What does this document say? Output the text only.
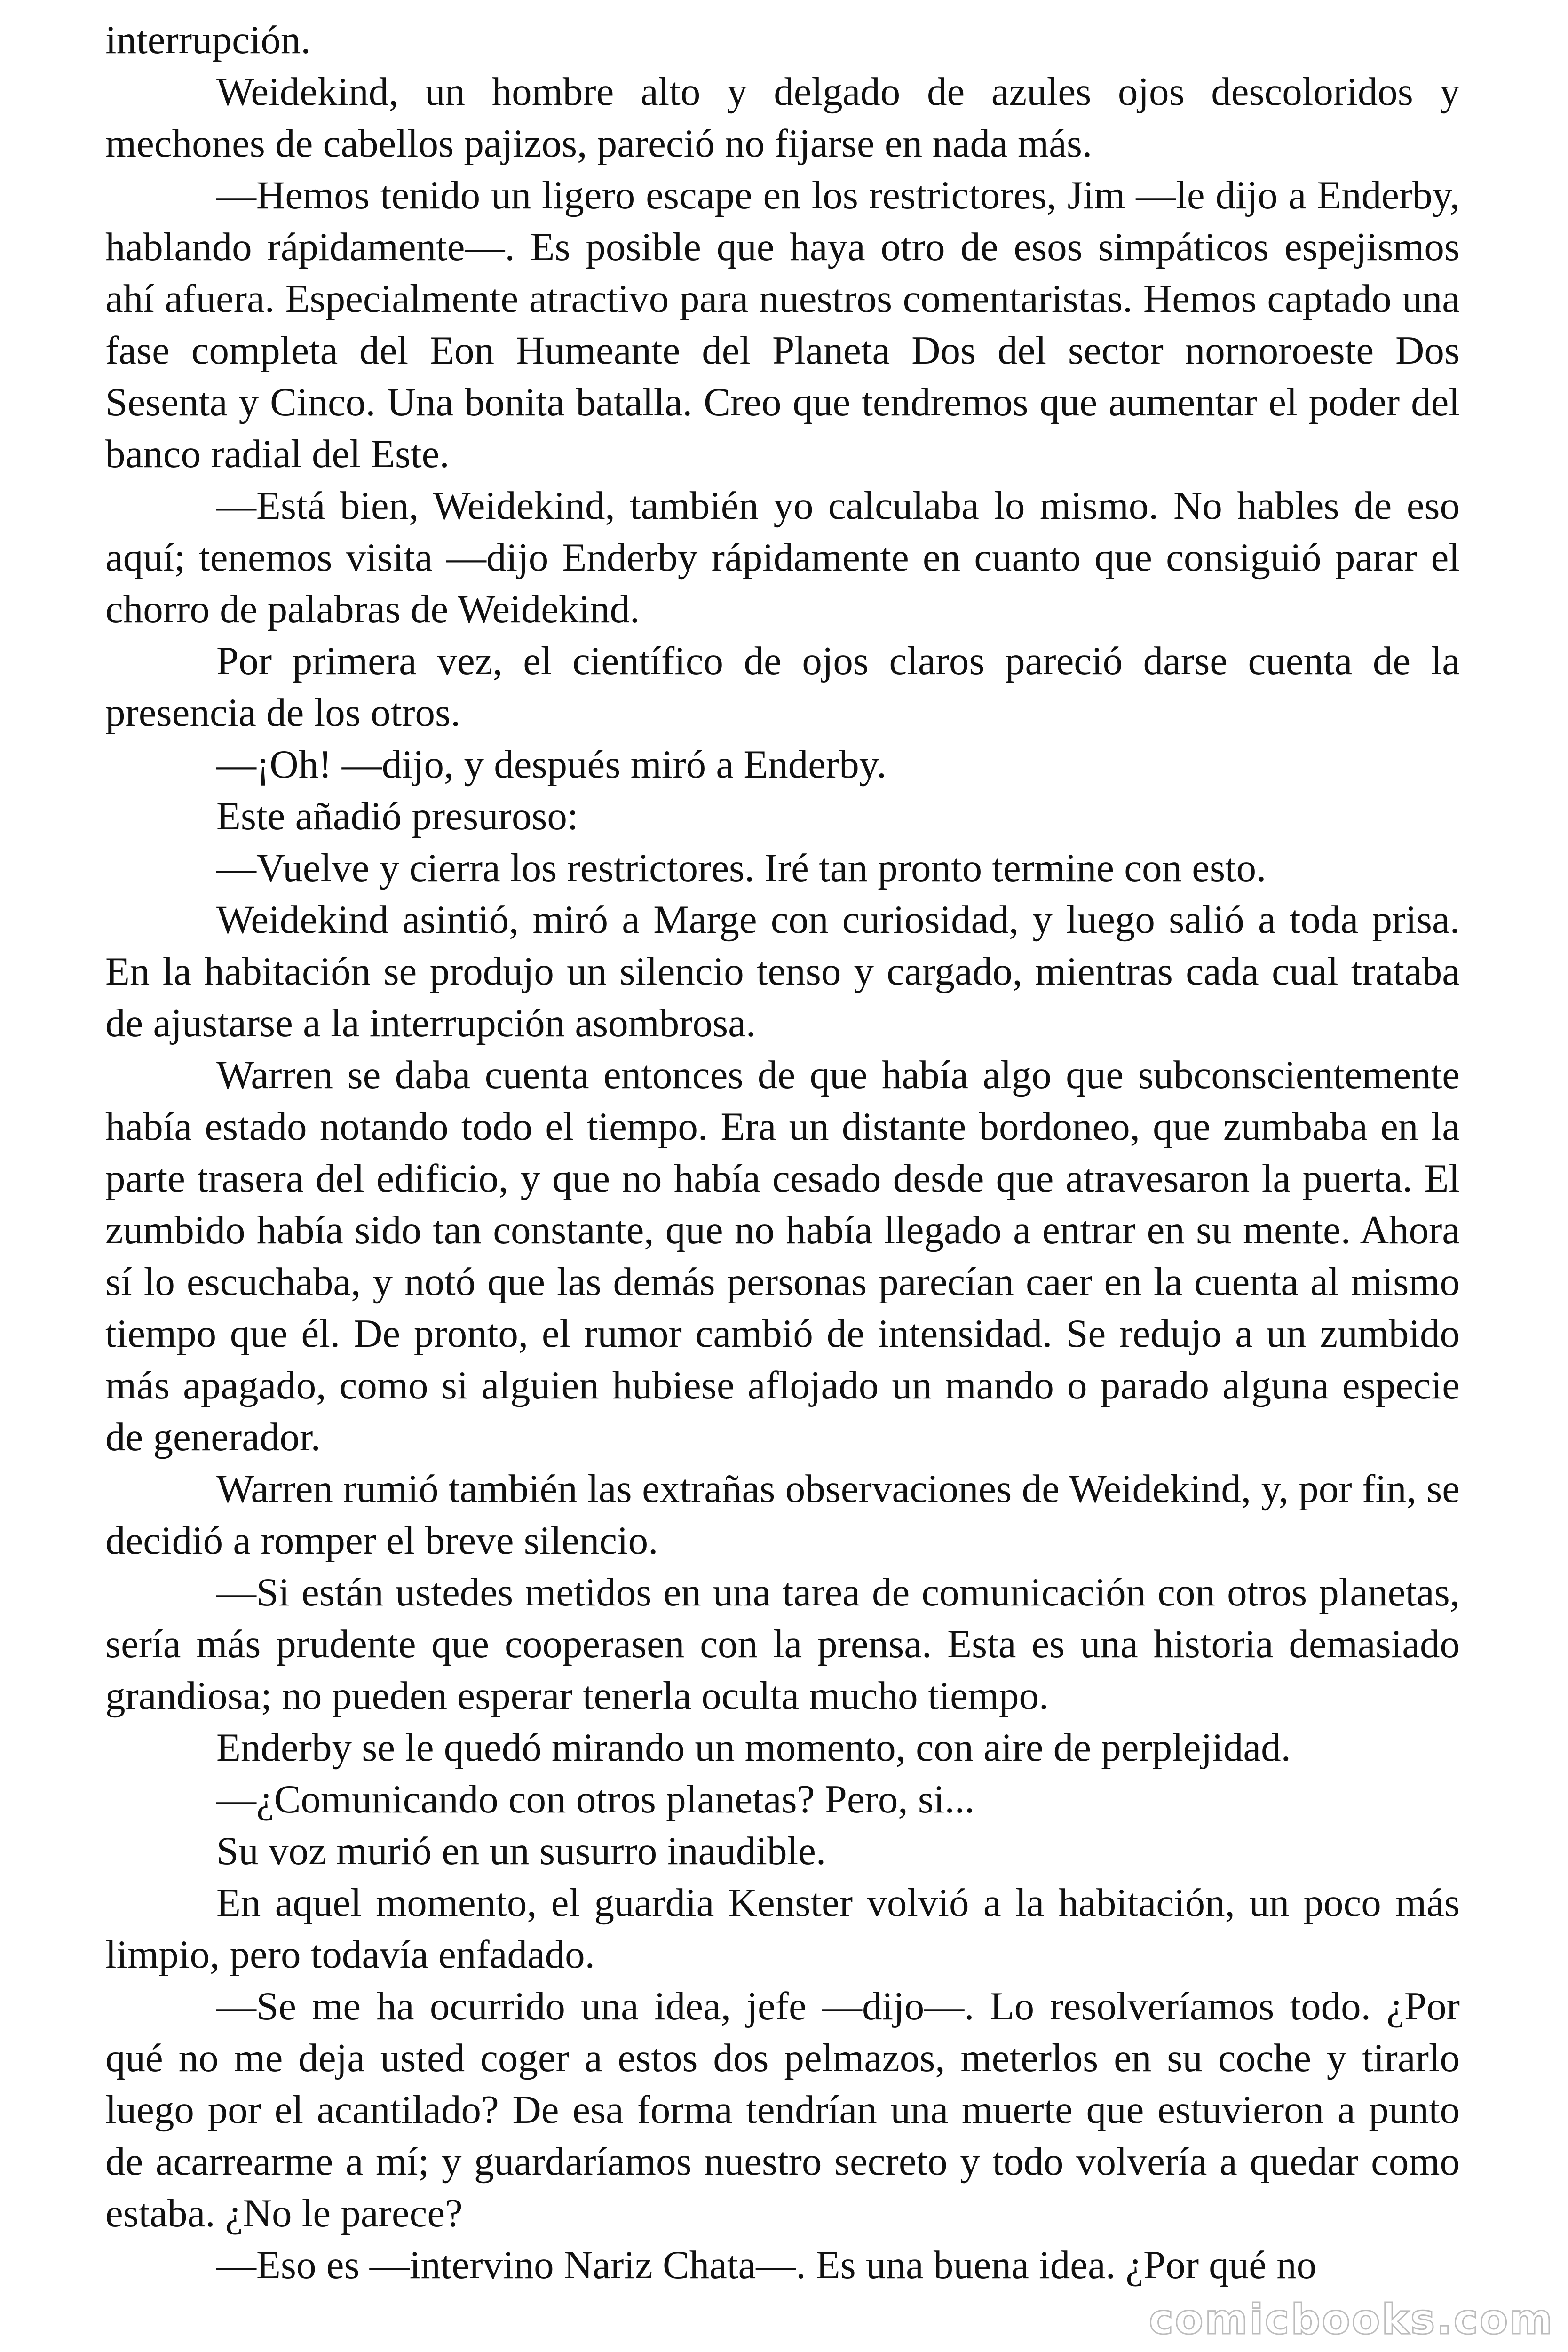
interrupción.

Weidekind, un hombre alto y delgado de azules ojos descoloridos y mechones de cabellos pajizos, pareció no fijarse en nada más.

—Hemos tenido un ligero escape en los restrictores, Jim —le dijo a Enderby, hablando rápidamente—. Es posible que haya otro de esos simpáticos espejismos ahí afuera. Especialmente atractivo para nuestros comentaristas. Hemos captado una fase completa del Eon Humeante del Planeta Dos del sector nornoroeste Dos Sesenta y Cinco. Una bonita batalla. Creo que tendremos que aumentar el poder del banco radial del Este.

—Está bien, Weidekind, también yo calculaba lo mismo. No hables de eso aquí; tenemos visita —dijo Enderby rápidamente en cuanto que consiguió parar el chorro de palabras de Weidekind.

Por primera vez, el científico de ojos claros pareció darse cuenta de la presencia de los otros.

—¡Oh! —dijo, y después miró a Enderby.

Este añadió presuroso:

—Vuelve y cierra los restrictores. Iré tan pronto termine con esto.

Weidekind asintió, miró a Marge con curiosidad, y luego salió a toda prisa. En la habitación se produjo un silencio tenso y cargado, mientras cada cual trataba de ajustarse a la interrupción asombrosa.

Warren se daba cuenta entonces de que había algo que subconscientemente había estado notando todo el tiempo. Era un distante bordoneo, que zumbaba en la parte trasera del edificio, y que no había cesado desde que atravesaron la puerta. El zumbido había sido tan constante, que no había llegado a entrar en su mente. Ahora sí lo escuchaba, y notó que las demás personas parecían caer en la cuenta al mismo tiempo que él. De pronto, el rumor cambió de intensidad. Se redujo a un zumbido más apagado, como si alguien hubiese aflojado un mando o parado alguna especie de generador.

Warren rumió también las extrañas observaciones de Weidekind, y, por fin, se decidió a romper el breve silencio.

—Si están ustedes metidos en una tarea de comunicación con otros planetas, sería más prudente que cooperasen con la prensa. Esta es una historia demasiado grandiosa; no pueden esperar tenerla oculta mucho tiempo.

Enderby se le quedó mirando un momento, con aire de perplejidad.

—¿Comunicando con otros planetas? Pero, si...

Su voz murió en un susurro inaudible.

En aquel momento, el guardia Kenster volvió a la habitación, un poco más limpio, pero todavía enfadado.

—Se me ha ocurrido una idea, jefe —dijo—. Lo resolveríamos todo. ¿Por qué no me deja usted coger a estos dos pelmazos, meterlos en su coche y tirarlo luego por el acantilado? De esa forma tendrían una muerte que estuvieron a punto de acarrearme a mí; y guardaríamos nuestro secreto y todo volvería a quedar como estaba. ¿No le parece?

—Eso es —intervino Nariz Chata—. Es una buena idea. ¿Por qué no

comicbooks.com
